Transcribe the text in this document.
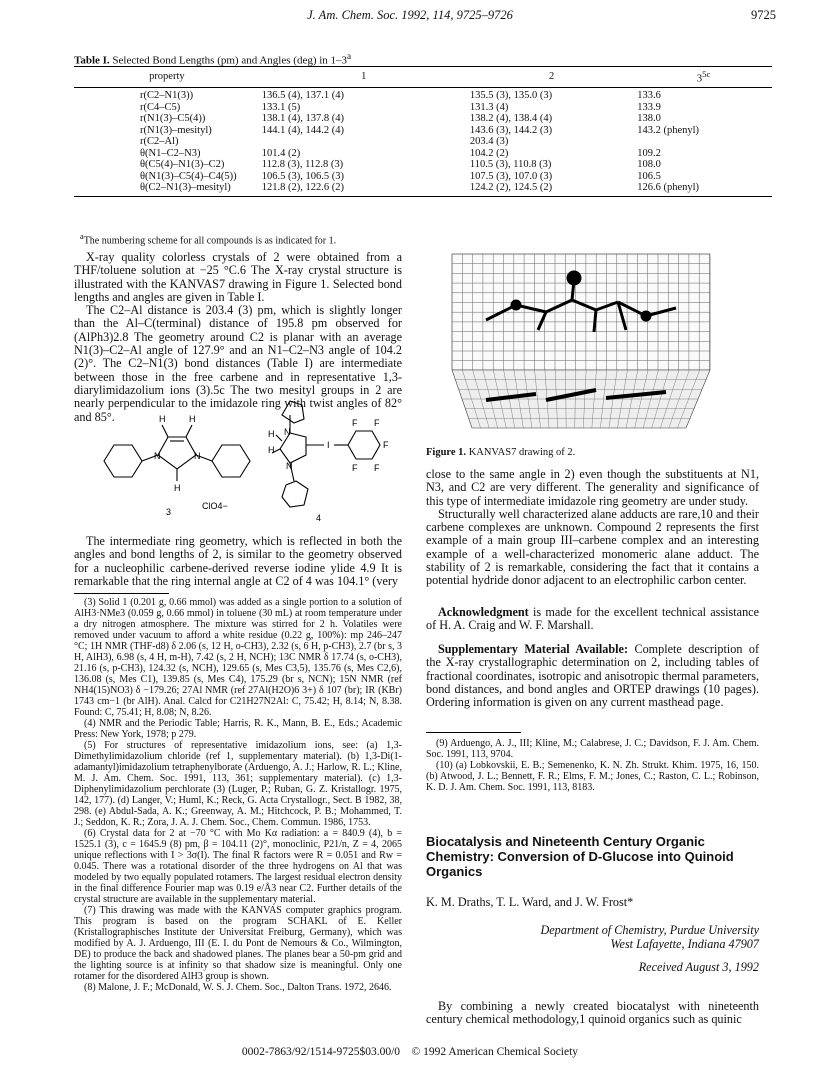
J. Am. Chem. Soc. 1992, 114, 9725–9726	9725
Table I. Selected Bond Lengths (pm) and Angles (deg) in 1–3$^a$
property	1	2	$3^{5c}$
r(C2–N1(3))	136.5 (4), 137.1 (4)	135.5 (3), 135.0 (3)	133.6
r(C4–C5)	133.1 (5)	131.3 (4)	133.9
r(N1(3)–C5(4))	138.1 (4), 137.8 (4)	138.2 (4), 138.4 (4)	138.0
r(N1(3)–mesityl)	144.1 (4), 144.2 (4)	143.6 (3), 144.2 (3)	143.2 (phenyl)
r(C2–Al)		203.4 (3)	
θ(N1–C2–N3)	101.4 (2)	104.2 (2)	109.2
θ(C5(4)–N1(3)–C2)	112.8 (3), 112.8 (3)	110.5 (3), 110.8 (3)	108.0
θ(N1(3)–C5(4)–C4(5))	106.5 (3), 106.5 (3)	107.5 (3), 107.0 (3)	106.5
θ(C2–N1(3)–mesityl)	121.8 (2), 122.6 (2)	124.2 (2), 124.5 (2)	126.6 (phenyl)
$^a$The numbering scheme for all compounds is as indicated for 1.

X-ray quality colorless crystals of 2 were obtained from a THF/toluene solution at −25 °C.6 The X-ray crystal structure is illustrated with the KANVAS7 drawing in Figure 1. Selected bond lengths and angles are given in Table I.

The C2–Al distance is 203.4 (3) pm, which is slightly longer than the Al–C(terminal) distance of 195.8 pm observed for (AlPh3)2.8 The geometry around C2 is planar with an average N1(3)–C2–Al angle of 127.9° and an N1–C2–N3 angle of 104.2 (2)°. The C2–N1(3) bond distances (Table I) are intermediate between those in the free carbene and in representative 1,3-diarylimidazolium ions (3).5c The two mesityl groups in 2 are nearly perpendicular to the imidazole ring with twist angles of 82° and 85°.	H	H
H
N	N
3
ClO4−
H
H N
N
I
F F
F
F F
4

The intermediate ring geometry, which is reflected in both the angles and bond lengths of 2, is similar to the geometry observed for a nucleophilic carbene-derived reverse iodine ylide 4.9 It is remarkable that the ring internal angle at C2 of 4 was 104.1° (very

(3) Solid 1 (0.201 g, 0.66 mmol) was added as a single portion to a solution of AlH3·NMe3 (0.059 g, 0.66 mmol) in toluene (30 mL) at room temperature under a dry nitrogen atmosphere. The mixture was stirred for 2 h. Volatiles were removed under vacuum to afford a white residue (0.22 g, 100%): mp 246–247 °C; 1H NMR (THF-d8) δ 2.06 (s, 12 H, o-CH3), 2.32 (s, 6 H, p-CH3), 2.7 (br s, 3 H, AlH3), 6.98 (s, 4 H, m-H), 7.42 (s, 2 H, NCH); 13C NMR δ 17.74 (s, o-CH3), 21.16 (s, p-CH3), 124.32 (s, NCH), 129.65 (s, Mes C3,5), 135.76 (s, Mes C2,6), 136.08 (s, Mes C1), 139.85 (s, Mes C4), 175.29 (br s, NCN); 15N NMR (ref NH4(15)NO3) δ −179.26; 27Al NMR (ref 27Al(H2O)6 3+) δ 107 (br); IR (KBr) 1743 cm−1 (br AlH). Anal. Calcd for C21H27N2Al: C, 75.42; H, 8.14; N, 8.38. Found: C, 75.41; H, 8.08; N, 8.26.

(4) NMR and the Periodic Table; Harris, R. K., Mann, B. E., Eds.; Academic Press: New York, 1978; p 279.

(5) For structures of representative imidazolium ions, see: (a) 1,3-Dimethylimidazolium chloride (ref 1, supplementary material). (b) 1,3-Di(1-adamantyl)imidazolium tetraphenylborate (Arduengo, A. J.; Harlow, R. L.; Kline, M. J. Am. Chem. Soc. 1991, 113, 361; supplementary material). (c) 1,3-Diphenylimidazolium perchlorate (3) (Luger, P.; Ruban, G. Z. Kristallogr. 1975, 142, 177). (d) Langer, V.; Huml, K.; Reck, G. Acta Crystallogr., Sect. B 1982, 38, 298. (e) Abdul-Sada, A. K.; Greenway, A. M.; Hitchcock, P. B.; Mohammed, T. J.; Seddon, K. R.; Zora, J. A. J. Chem. Soc., Chem. Commun. 1986, 1753.

(6) Crystal data for 2 at −70 °C with Mo Kα radiation: a = 840.9 (4), b = 1525.1 (3), c = 1645.9 (8) pm, β = 104.11 (2)°, monoclinic, P21/n, Z = 4, 2065 unique reflections with I > 3σ(I). The final R factors were R = 0.051 and Rw = 0.045. There was a rotational disorder of the three hydrogens on Al that was modeled by two equally populated rotamers. The largest residual electron density in the final difference Fourier map was 0.19 e/Å3 near C2. Further details of the crystal structure are available in the supplementary material.

(7) This drawing was made with the KANVAS computer graphics program. This program is based on the program SCHAKL of E. Keller (Kristallographisches Institute der Universitat Freiburg, Germany), which was modified by A. J. Arduengo, III (E. I. du Pont de Nemours & Co., Wilmington, DE) to produce the back and shadowed planes. The planes bear a 50-pm grid and the lighting source is at infinity so that shadow size is meaningful. Only one rotamer for the disordered AlH3 group is shown.

(8) Malone, J. F.; McDonald, W. S. J. Chem. Soc., Dalton Trans. 1972, 2646.

Figure 1. KANVAS7 drawing of 2.

close to the same angle in 2) even though the substituents at N1, N3, and C2 are very different. The generality and significance of this type of intermediate imidazole ring geometry are under study.

Structurally well characterized alane adducts are rare,10 and their carbene complexes are unknown. Compound 2 represents the first example of a main group III–carbene complex and an interesting example of a well-characterized monomeric alane adduct. The stability of 2 is remarkable, considering the fact that it contains a potential hydride donor adjacent to an electrophilic carbon center.

Acknowledgment is made for the excellent technical assistance of H. A. Craig and W. F. Marshall.

Supplementary Material Available: Complete description of the X-ray crystallographic determination on 2, including tables of fractional coordinates, isotropic and anisotropic thermal parameters, bond distances, and bond angles and ORTEP drawings (10 pages). Ordering information is given on any current masthead page.

(9) Arduengo, A. J., III; Kline, M.; Calabrese, J. C.; Davidson, F. J. Am. Chem. Soc. 1991, 113, 9704.

(10) (a) Lobkovskii, E. B.; Semenenko, K. N. Zh. Strukt. Khim. 1975, 16, 150. (b) Atwood, J. L.; Bennett, F. R.; Elms, F. M.; Jones, C.; Raston, C. L.; Robinson, K. D. J. Am. Chem. Soc. 1991, 113, 8183.

Biocatalysis and Nineteenth Century Organic Chemistry: Conversion of D-Glucose into Quinoid Organics
K. M. Draths, T. L. Ward, and J. W. Frost*
Department of Chemistry, Purdue University
West Lafayette, Indiana 47907
Received August 3, 1992

By combining a newly created biocatalyst with nineteenth century chemical methodology,1 quinoid organics such as quinic

0002-7863/92/1514-9725$03.00/0 © 1992 American Chemical Society
